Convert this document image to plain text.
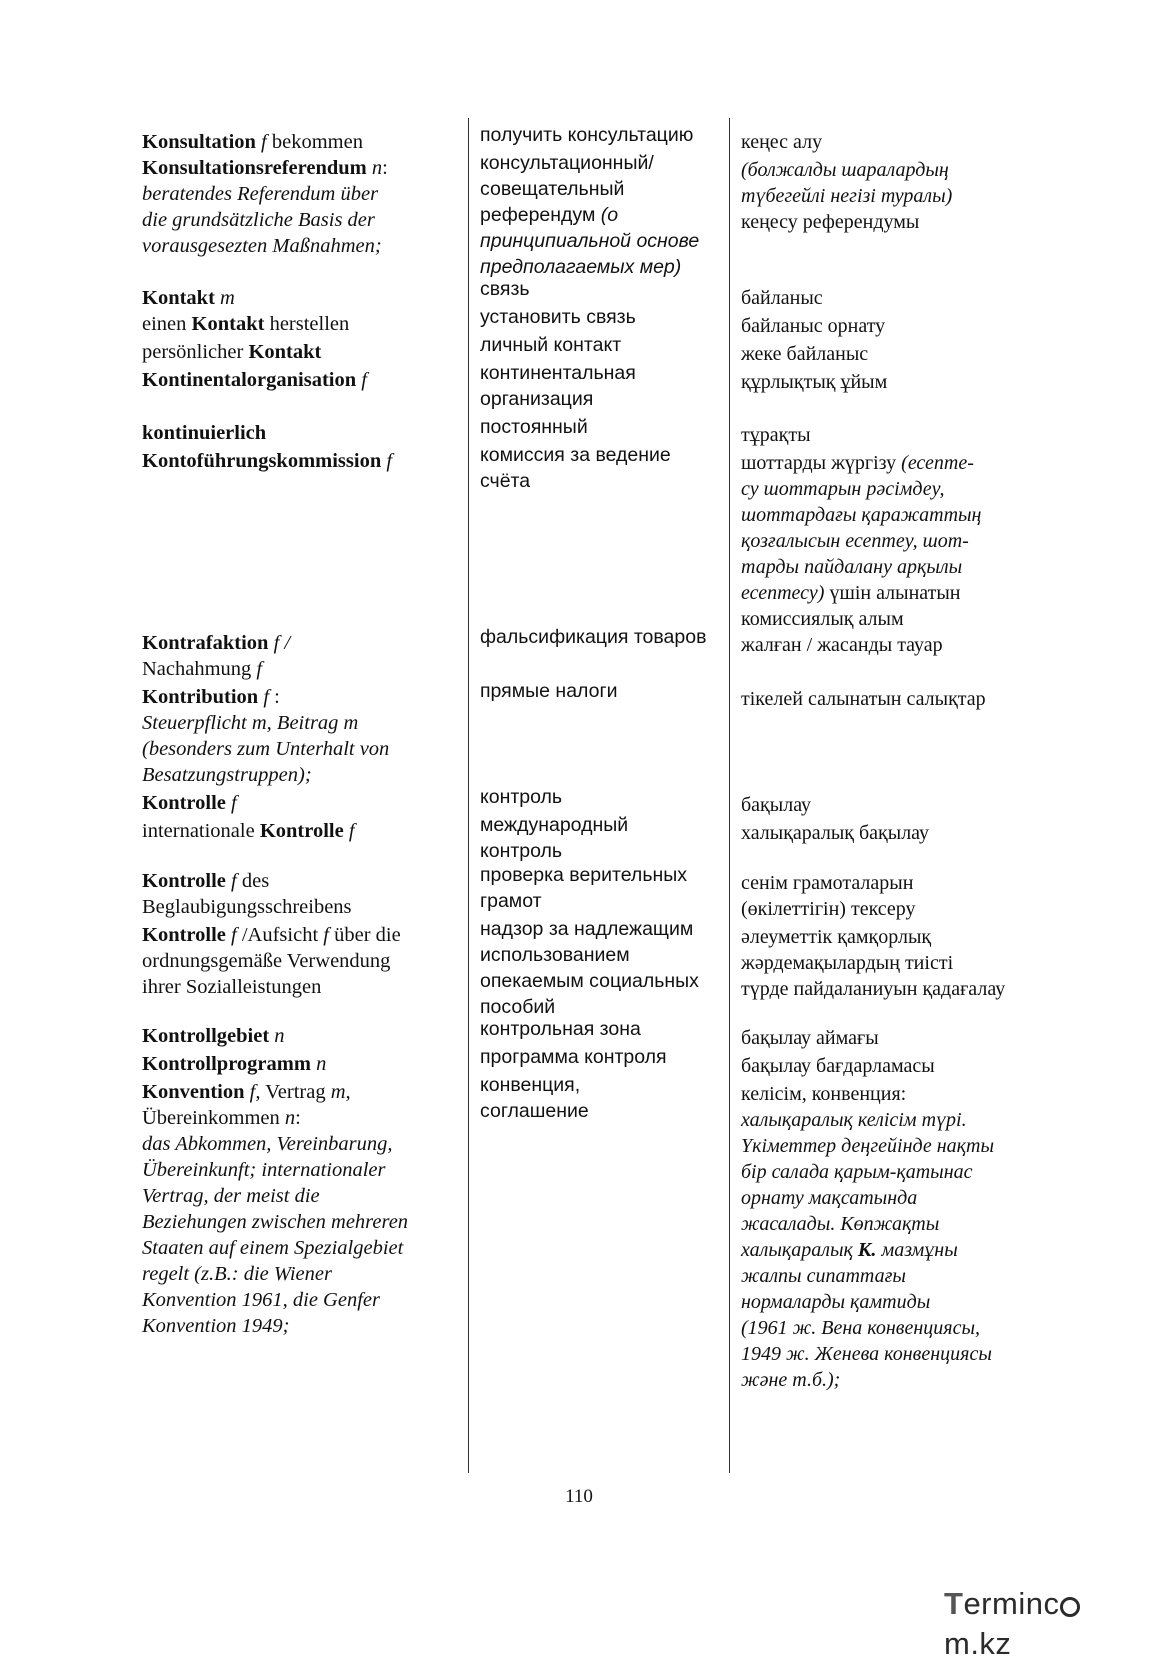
Konsultation f bekommen
Konsultationsreferendum n:
beratendes Referendum über
die grundsätzliche Basis der
vorausgesezten Maßnahmen;
Kontakt m
einen Kontakt herstellen
persönlicher Kontakt
Kontinentalorganisation f
kontinuierlich
Kontoführungskommission f
Kontrafaktion f /
Nachahmung f
Kontribution f :
Steuerpflicht m, Beitrag m
(besonders zum Unterhalt von
Besatzungstruppen);
Kontrolle f
internationale Kontrolle f
Kontrolle f des
Beglaubigungsschreibens
Kontrolle f /Aufsicht f über die
ordnungsgemäße Verwendung
ihrer Sozialleistungen
Kontrollgebiet n
Kontrollprogramm n
Konvention f, Vertrag m,
Übereinkommen n:
das Abkommen, Vereinbarung,
Übereinkunft; internationaler
Vertrag, der meist die
Beziehungen zwischen mehreren
Staaten auf einem Spezialgebiet
regelt (z.B.: die Wiener
Konvention 1961, die Genfer
Konvention 1949;
получить консультацию
консультационный/
совещательный
референдум (о
принципиальной основе
предполагаемых мер)
связь
установить связь
личный контакт
континентальная
организация
постоянный
комиссия за ведение
счёта
фальсификация товаров
прямые налоги
контроль
международный
контроль
проверка верительных
грамот
надзор за надлежащим
использованием
опекаемым социальных
пособий
контрольная зона
программа контроля
конвенция,
соглашение
кеңес алу
(болжалды шаралардың
түбегейлі негізі туралы)
кеңесу референдумы
байланыс
байланыс орнату
жеке байланыс
құрлықтық ұйым
тұрақты
шоттарды жүргізу (есепте-
су шоттарын рәсімдеу,
шоттардағы қаражаттың
қозғалысын есептеу, шот-
тарды пайдалану арқылы
есептесу) үшін алынатын
комиссиялық алым
жалған / жасанды тауар
тікелей салынатын салықтар
бақылау
халықаралық бақылау
сенім грамоталарын
(өкілеттігін) тексеру
әлеуметтік қамқорлық
жәрдемақылардың тиісті
түрде пайдаланиуын қадағалау
бақылау аймағы
бақылау бағдарламасы
келісім, конвенция:
халықаралық келісім түрі.
Үкіметтер деңгейінде нақты
бір салада қарым-қатынас
орнату мақсатында
жасалады. Көпжақты
халықаралық К. мазмұны
жалпы сипаттағы
нормаларды қамтиды
(1961 ж. Вена конвенциясы,
1949 ж. Женева конвенциясы
және т.б.);
110
Termincm.kz
